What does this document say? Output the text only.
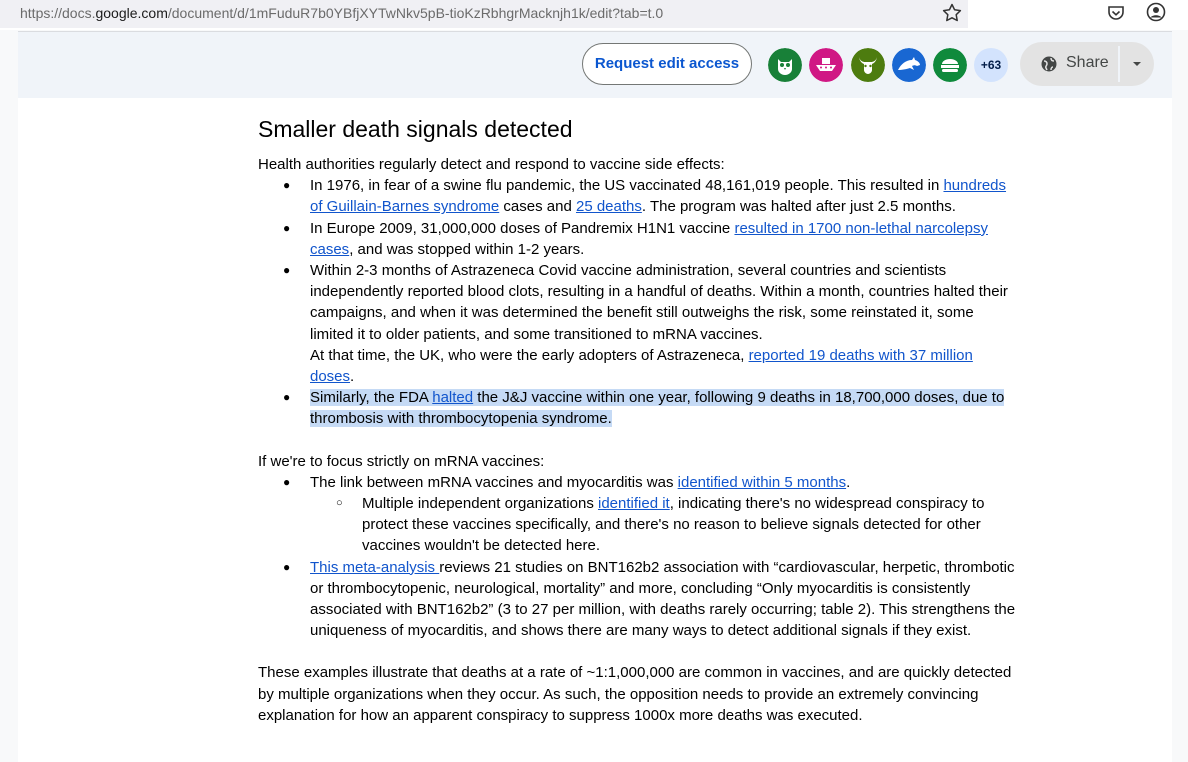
https://docs.google.com/document/d/1mFuduR7b0YBfjXYTwNkv5pB-tioKzRbhgrMacknjh1k/edit?tab=t.0
Request edit access	+63	Share
Smaller death signals detected

Health authorities regularly detect and respond to vaccine side effects:

● In 1976, in fear of a swine flu pandemic, the US vaccinated 48,161,019 people. This resulted in hundreds of Guillain-Barnes syndrome cases and 25 deaths. The program was halted after just 2.5 months.
● In Europe 2009, 31,000,000 doses of Pandremix H1N1 vaccine resulted in 1700 non-lethal narcolepsy cases, and was stopped within 1-2 years.
● Within 2-3 months of Astrazeneca Covid vaccine administration, several countries and scientists independently reported blood clots, resulting in a handful of deaths. Within a month, countries halted their campaigns, and when it was determined the benefit still outweighs the risk, some reinstated it, some limited it to older patients, and some transitioned to mRNA vaccines.
At that time, the UK, who were the early adopters of Astrazeneca, reported 19 deaths with 37 million doses.
● Similarly, the FDA halted the J&J vaccine within one year, following 9 deaths in 18,700,000 doses, due to thrombosis with thrombocytopenia syndrome.

If we're to focus strictly on mRNA vaccines:

● The link between mRNA vaccines and myocarditis was identified within 5 months.
○ Multiple independent organizations identified it, indicating there's no widespread conspiracy to protect these vaccines specifically, and there's no reason to believe signals detected for other vaccines wouldn't be detected here.
● This meta-analysis reviews 21 studies on BNT162b2 association with “cardiovascular, herpetic, thrombotic or thrombocytopenic, neurological, mortality” and more, concluding “Only myocarditis is consistently associated with BNT162b2” (3 to 27 per million, with deaths rarely occurring; table 2). This strengthens the uniqueness of myocarditis, and shows there are many ways to detect additional signals if they exist.

These examples illustrate that deaths at a rate of ~1:1,000,000 are common in vaccines, and are quickly detected by multiple organizations when they occur. As such, the opposition needs to provide an extremely convincing explanation for how an apparent conspiracy to suppress 1000x more deaths was executed.
